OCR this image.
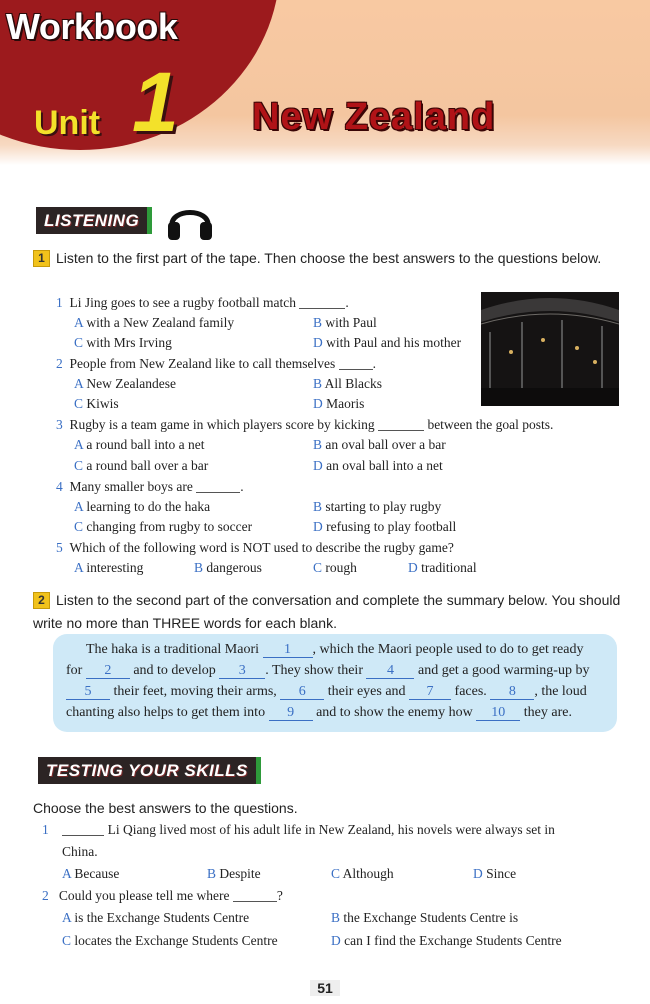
Workbook
Unit 1 New Zealand
LISTENING
1 Listen to the first part of the tape. Then choose the best answers to the questions below.
1 Li Jing goes to see a rugby football match	.
A with a New Zealand family	B with Paul
C with Mrs Irving	D with Paul and his mother
2 People from New Zealand like to call themselves	.
A New Zealandese	B All Blacks
C Kiwis	D Maoris
3 Rugby is a team game in which players score by kicking	between the goal posts.
A a round ball into a net	B an oval ball over a bar
C a round ball over a bar	D an oval ball into a net
4 Many smaller boys are	.
A learning to do the haka	B starting to play rugby
C changing from rugby to soccer	D refusing to play football
5 Which of the following word is NOT used to describe the rugby game?
A interesting	B dangerous	C rough	D traditional
2 Listen to the second part of the conversation and complete the summary below. You should write no more than THREE words for each blank.
The haka is a traditional Maori 1 , which the Maori people used to do to get ready
for 2 and to develop 3 . They show their 4 and get a good warming-up by
5 their feet, moving their arms, 6 their eyes and 7 faces. 8 , the loud
chanting also helps to get them into 9 and to show the enemy how 10 they are.
TESTING YOUR SKILLS
Choose the best answers to the questions.
1	Li Qiang lived most of his adult life in New Zealand, his novels were always set in
China.
A Because	B Despite	C Although	D Since
2 Could you please tell me where	?
A is the Exchange Students Centre	B the Exchange Students Centre is
C locates the Exchange Students Centre	D can I find the Exchange Students Centre
51
